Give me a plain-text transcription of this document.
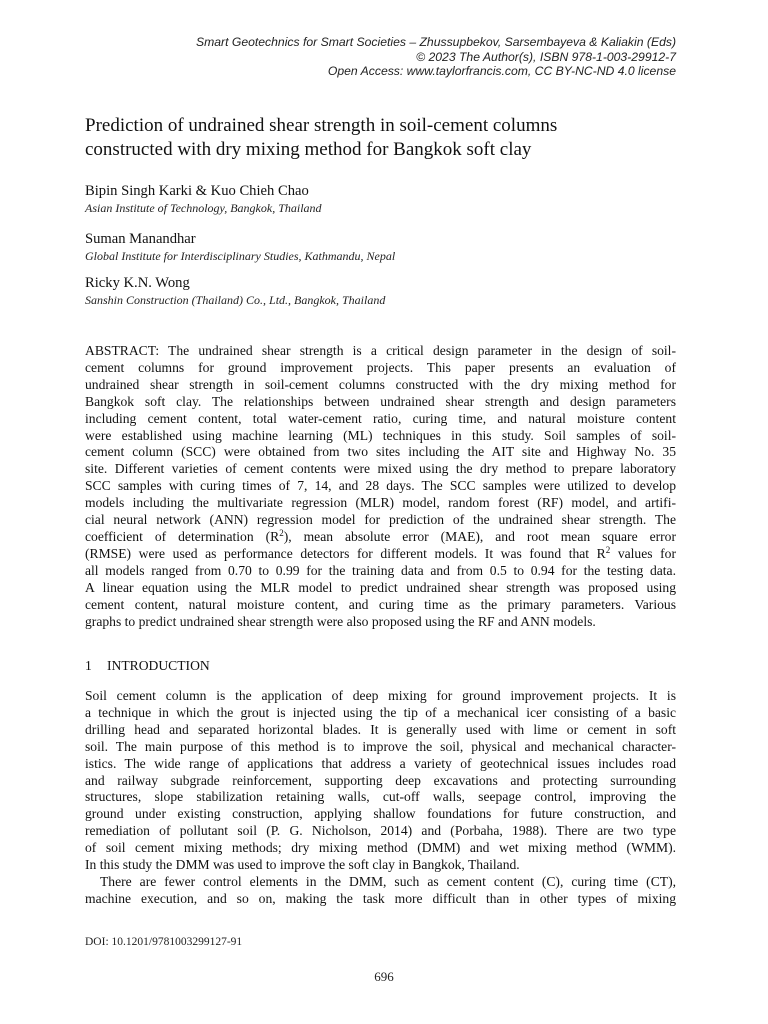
Smart Geotechnics for Smart Societies – Zhussupbekov, Sarsembayeva & Kaliakin (Eds)
© 2023 The Author(s), ISBN 978-1-003-29912-7
Open Access: www.taylorfrancis.com, CC BY-NC-ND 4.0 license
Prediction of undrained shear strength in soil-cement columns
constructed with dry mixing method for Bangkok soft clay
Bipin Singh Karki & Kuo Chieh Chao
Asian Institute of Technology, Bangkok, Thailand
Suman Manandhar
Global Institute for Interdisciplinary Studies, Kathmandu, Nepal
Ricky K.N. Wong
Sanshin Construction (Thailand) Co., Ltd., Bangkok, Thailand
ABSTRACT: The undrained shear strength is a critical design parameter in the design of soil-
cement columns for ground improvement projects. This paper presents an evaluation of
undrained shear strength in soil-cement columns constructed with the dry mixing method for
Bangkok soft clay. The relationships between undrained shear strength and design parameters
including cement content, total water-cement ratio, curing time, and natural moisture content
were established using machine learning (ML) techniques in this study. Soil samples of soil-
cement column (SCC) were obtained from two sites including the AIT site and Highway No. 35
site. Different varieties of cement contents were mixed using the dry method to prepare laboratory
SCC samples with curing times of 7, 14, and 28 days. The SCC samples were utilized to develop
models including the multivariate regression (MLR) model, random forest (RF) model, and artifi-
cial neural network (ANN) regression model for prediction of the undrained shear strength. The
coefficient of determination $(R^2)$, mean absolute error (MAE), and root mean square error
(RMSE) were used as performance detectors for different models. It was found that $R^2$ values for
all models ranged from 0.70 to 0.99 for the training data and from 0.5 to 0.94 for the testing data.
A linear equation using the MLR model to predict undrained shear strength was proposed using
cement content, natural moisture content, and curing time as the primary parameters. Various
graphs to predict undrained shear strength were also proposed using the RF and ANN models.
1 INTRODUCTION
Soil cement column is the application of deep mixing for ground improvement projects. It is
a technique in which the grout is injected using the tip of a mechanical icer consisting of a basic
drilling head and separated horizontal blades. It is generally used with lime or cement in soft
soil. The main purpose of this method is to improve the soil, physical and mechanical character-
istics. The wide range of applications that address a variety of geotechnical issues includes road
and railway subgrade reinforcement, supporting deep excavations and protecting surrounding
structures, slope stabilization retaining walls, cut-off walls, seepage control, improving the
ground under existing construction, applying shallow foundations for future construction, and
remediation of pollutant soil (P. G. Nicholson, 2014) and (Porbaha, 1988). There are two type
of soil cement mixing methods; dry mixing method (DMM) and wet mixing method (WMM).
In this study the DMM was used to improve the soft clay in Bangkok, Thailand.
There are fewer control elements in the DMM, such as cement content (C), curing time (CT),
machine execution, and so on, making the task more difficult than in other types of mixing
DOI: 10.1201/9781003299127-91
696
